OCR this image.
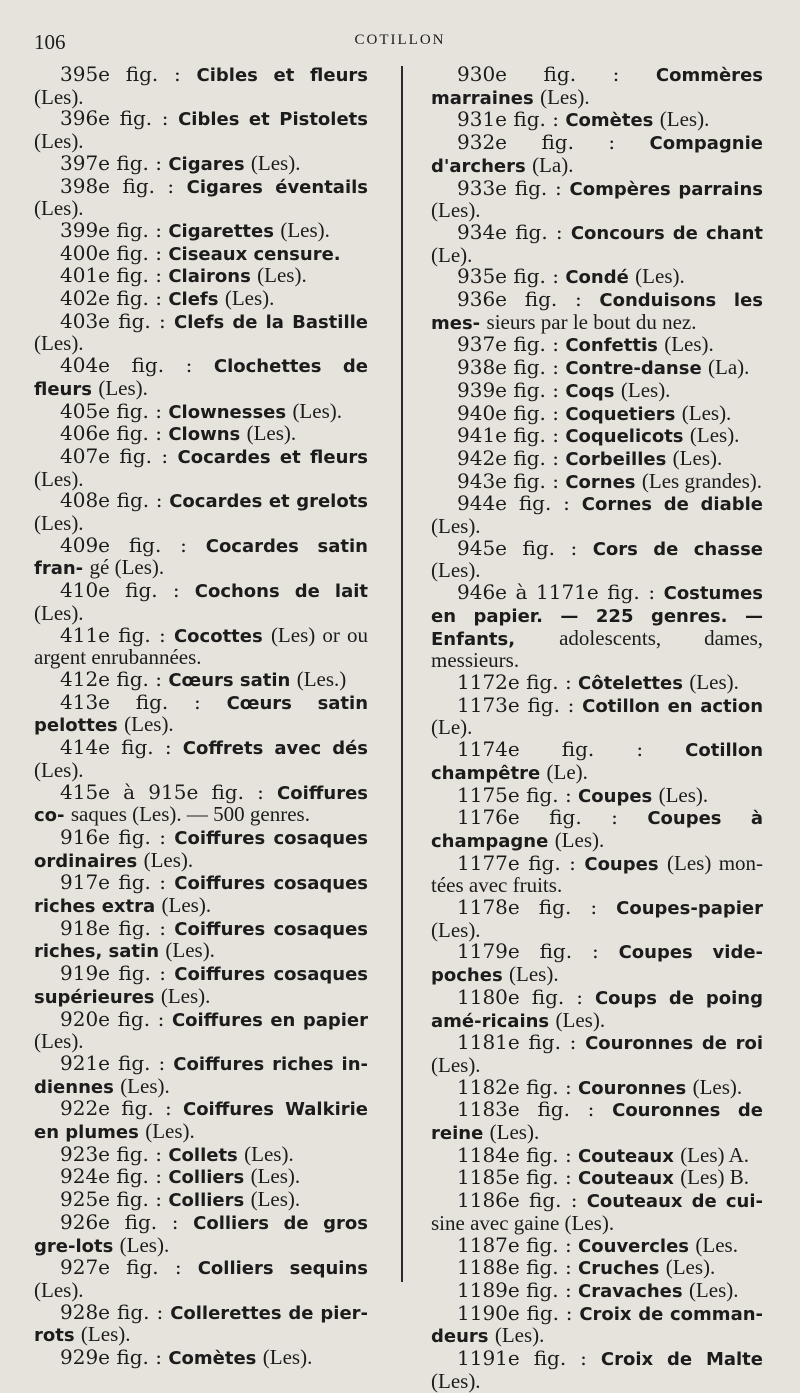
106	COTILLON

395e fig. : Cibles et fleurs (Les).

396e fig. : Cibles et Pistolets (Les).

397e fig. : Cigares (Les).

398e fig. : Cigares éventails (Les).

399e fig. : Cigarettes (Les).

400e fig. : Ciseaux censure.

401e fig. : Clairons (Les).

402e fig. : Clefs (Les).

403e fig. : Clefs de la Bastille (Les).

404e fig. : Clochettes de fleurs (Les).

405e fig. : Clownesses (Les).

406e fig. : Clowns (Les).

407e fig. : Cocardes et fleurs (Les).

408e fig. : Cocardes et grelots (Les).

409e fig. : Cocardes satin fran- gé (Les).

410e fig. : Cochons de lait (Les).

411e fig. : Cocottes (Les) or ou argent enrubannées.

412e fig. : Cœurs satin (Les.)

413e fig. : Cœurs satin pelottes (Les).

414e fig. : Coffrets avec dés (Les).

415e à 915e fig. : Coiffures co- saques (Les). — 500 genres.

916e fig. : Coiffures cosaques ordinaires (Les).

917e fig. : Coiffures cosaques riches extra (Les).

918e fig. : Coiffures cosaques riches, satin (Les).

919e fig. : Coiffures cosaques supérieures (Les).

920e fig. : Coiffures en papier (Les).

921e fig. : Coiffures riches in-diennes (Les).

922e fig. : Coiffures Walkirie en plumes (Les).

923e fig. : Collets (Les).

924e fig. : Colliers (Les).

925e fig. : Colliers (Les).

926e fig. : Colliers de gros gre-lots (Les).

927e fig. : Colliers sequins (Les).

928e fig. : Collerettes de pier-rots (Les).

929e fig. : Comètes (Les).

930e fig. : Commères marraines (Les).

931e fig. : Comètes (Les).

932e fig. : Compagnie d'archers (La).

933e fig. : Compères parrains (Les).

934e fig. : Concours de chant (Le).

935e fig. : Condé (Les).

936e fig. : Conduisons les mes- sieurs par le bout du nez.

937e fig. : Confettis (Les).

938e fig. : Contre-danse (La).

939e fig. : Coqs (Les).

940e fig. : Coquetiers (Les).

941e fig. : Coquelicots (Les).

942e fig. : Corbeilles (Les).

943e fig. : Cornes (Les grandes).

944e fig. : Cornes de diable (Les).

945e fig. : Cors de chasse (Les).

946e à 1171e fig. : Costumes en papier. — 225 genres. — Enfants, adolescents, dames, messieurs.

1172e fig. : Côtelettes (Les).

1173e fig. : Cotillon en action (Le).

1174e fig. : Cotillon champêtre (Le).

1175e fig. : Coupes (Les).

1176e fig. : Coupes à champagne (Les).

1177e fig. : Coupes (Les) mon-tées avec fruits.

1178e fig. : Coupes-papier (Les).

1179e fig. : Coupes vide-poches (Les).

1180e fig. : Coups de poing amé-ricains (Les).

1181e fig. : Couronnes de roi (Les).

1182e fig. : Couronnes (Les).

1183e fig. : Couronnes de reine (Les).

1184e fig. : Couteaux (Les) A.

1185e fig. : Couteaux (Les) B.

1186e fig. : Couteaux de cui- sine avec gaine (Les).

1187e fig. : Couvercles (Les.

1188e fig. : Cruches (Les).

1189e fig. : Cravaches (Les).

1190e fig. : Croix de comman-deurs (Les).

1191e fig. : Croix de Malte (Les).
